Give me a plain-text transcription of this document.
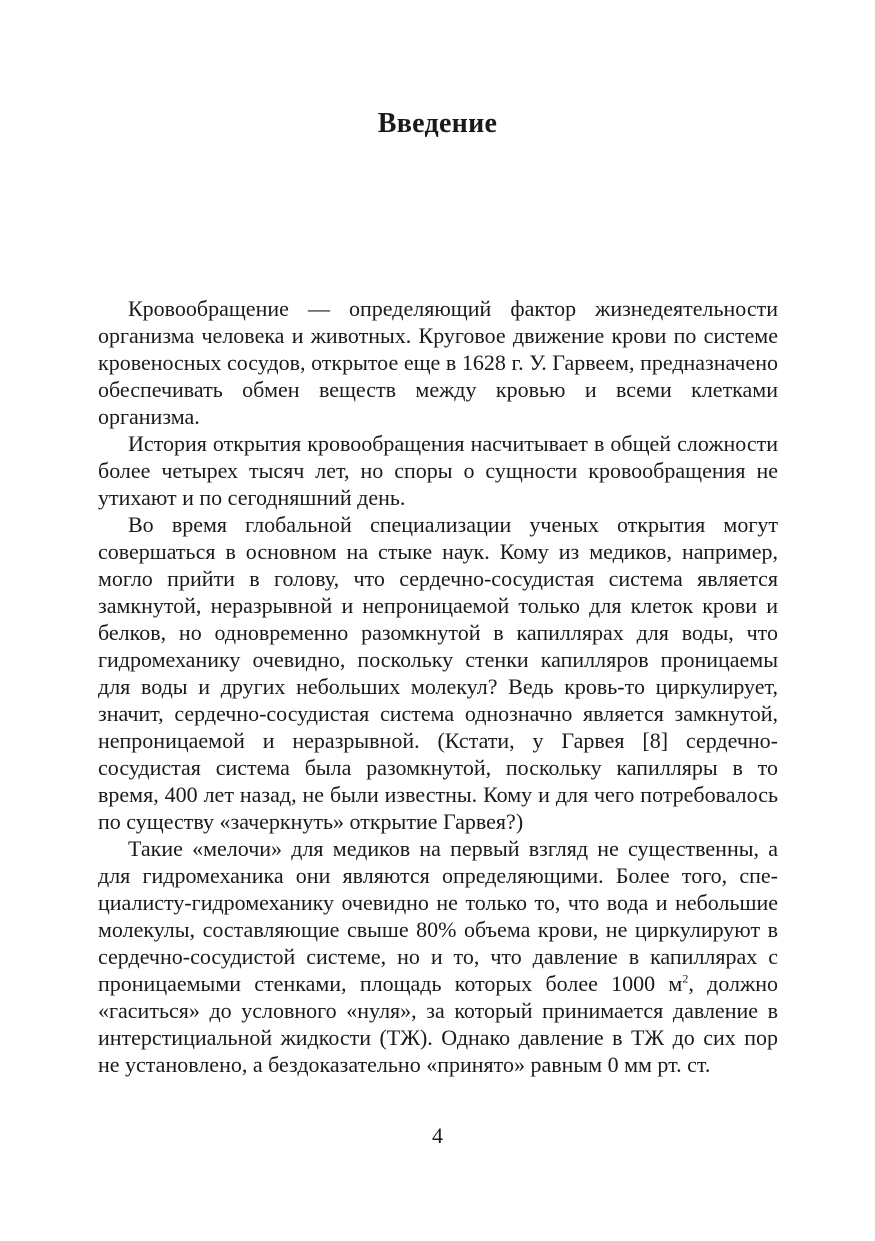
Введение

Кровообращение — определяющий фактор жизнедеятельности организма человека и животных. Круговое движение крови по системе кровеносных сосудов, открытое еще в 1628 г. У. Гарвеем, предназначено обеспечивать обмен веществ между кровью и всеми клетками организма.

История открытия кровообращения насчитывает в общей сложности более четырех тысяч лет, но споры о сущности кровообращения не утихают и по сегодняшний день.

Во время глобальной специализации ученых открытия могут совершаться в основном на стыке наук. Кому из медиков, например, могло прийти в голову, что сердечно-сосудистая система является замкнутой, неразрывной и непроницаемой только для клеток крови и белков, но одновременно разомкнутой в капиллярах для воды, что гидромеханику очевидно, поскольку стенки капилляров проницаемы для воды и других небольших молекул? Ведь кровь-то циркулирует, значит, сердечно-сосудистая система однозначно является замкнутой, непроницаемой и неразрывной. (Кстати, у Гарвея [8] сердечно-сосудистая система была разомкнутой, поскольку капилляры в то время, 400 лет назад, не были известны. Кому и для чего потребовалось по существу «зачеркнуть» открытие Гарвея?)

Такие «мелочи» для медиков на первый взгляд не существенны, а для гидромеханика они являются определяющими. Более того, специалисту-гидромеханику очевидно не только то, что вода и небольшие молекулы, составляющие свыше 80% объема крови, не циркулируют в сердечно-сосудистой системе, но и то, что давление в капиллярах с проницаемыми стенками, площадь которых более 1000 $м^2$, должно «гаситься» до условного «нуля», за который принимается давление в интерстициальной жидкости (ТЖ). Однако давление в ТЖ до сих пор не установлено, а бездоказательно «принято» равным 0 мм рт. ст.

4
